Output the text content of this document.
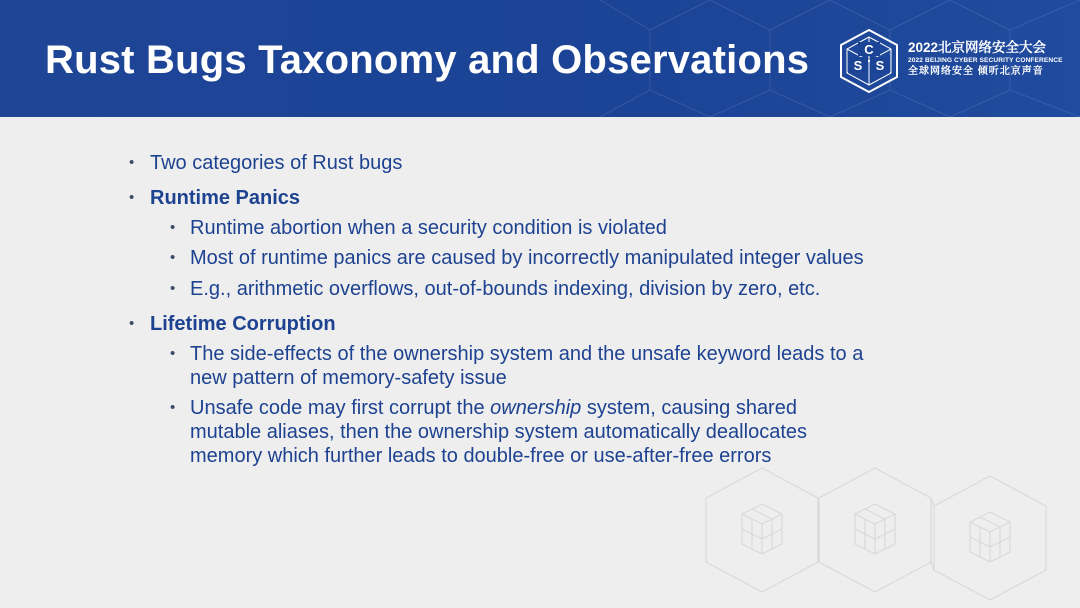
Rust Bugs Taxonomy and Observations	C
S S
2022北京网络安全大会
2022 BEIJING CYBER SECURITY CONFERENCE
全球网络安全 倾听北京声音
• Two categories of Rust bugs
• Runtime Panics
• Runtime abortion when a security condition is violated
• Most of runtime panics are caused by incorrectly manipulated integer values
• E.g., arithmetic overflows, out-of-bounds indexing, division by zero, etc.
• Lifetime Corruption
• The side-effects of the ownership system and the unsafe keyword leads to a
new pattern of memory-safety issue
• Unsafe code may first corrupt the ownership system, causing shared
mutable aliases, then the ownership system automatically deallocates
memory which further leads to double-free or use-after-free errors
